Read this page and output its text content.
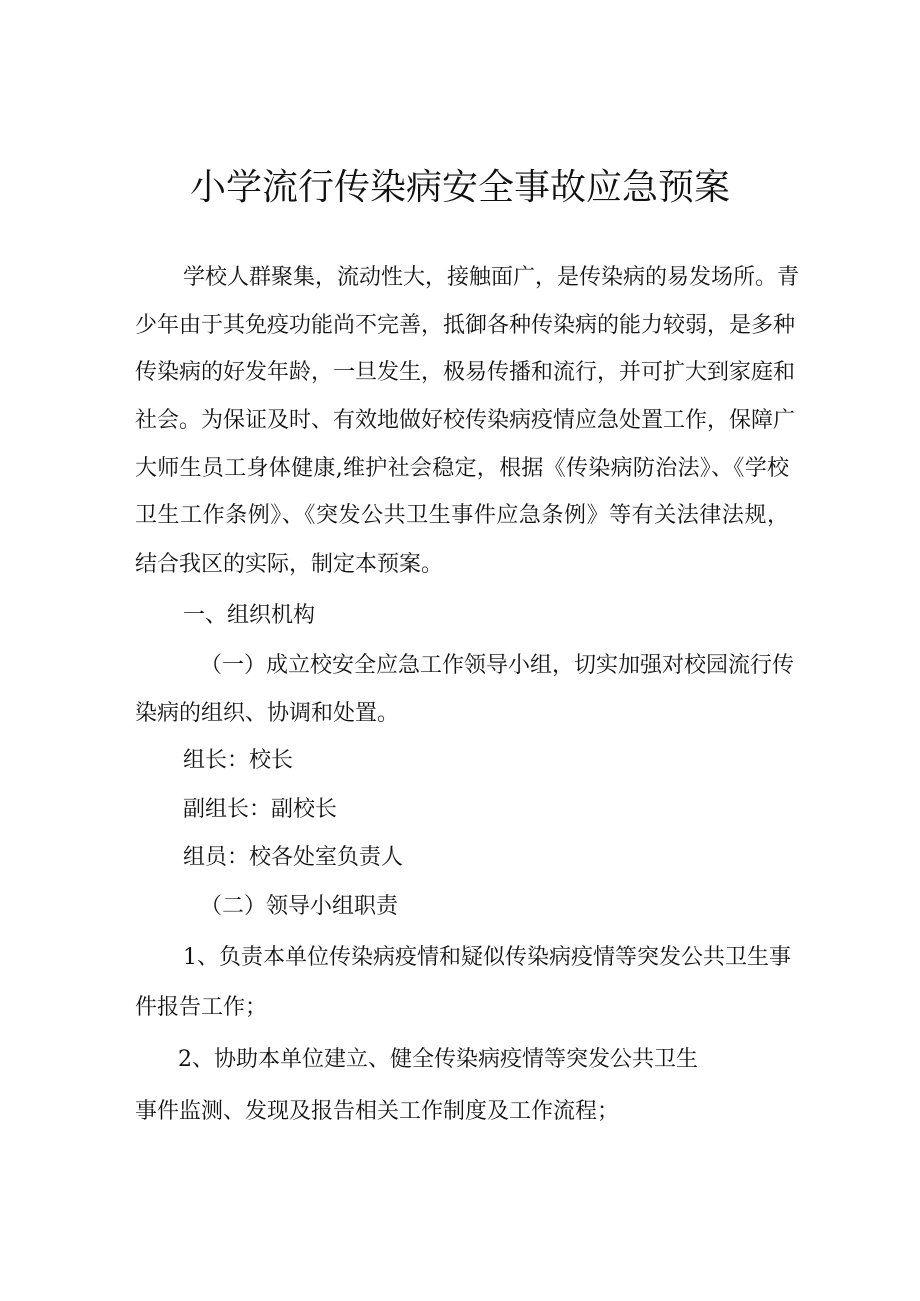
小学流行传染病安全事故应急预案
学校人群聚集，流动性大，接触面广，是传染病的易发场所。青
少年由于其免疫功能尚不完善，抵御各种传染病的能力较弱，是多种
传染病的好发年龄，一旦发生，极易传播和流行，并可扩大到家庭和
社会。为保证及时、有效地做好校传染病疫情应急处置工作，保障广
大师生员工身体健康,维护社会稳定，根据《传染病防治法》、《学校
卫生工作条例》、《突发公共卫生事件应急条例》等有关法律法规，
结合我区的实际，制定本预案。
一、组织机构
（一）成立校安全应急工作领导小组，切实加强对校园流行传
染病的组织、协调和处置。
组长：校长
副组长：副校长
组员：校各处室负责人
（二）领导小组职责
1、负责本单位传染病疫情和疑似传染病疫情等突发公共卫生事
件报告工作；
2、协助本单位建立、健全传染病疫情等突发公共卫生
事件监测、发现及报告相关工作制度及工作流程；
